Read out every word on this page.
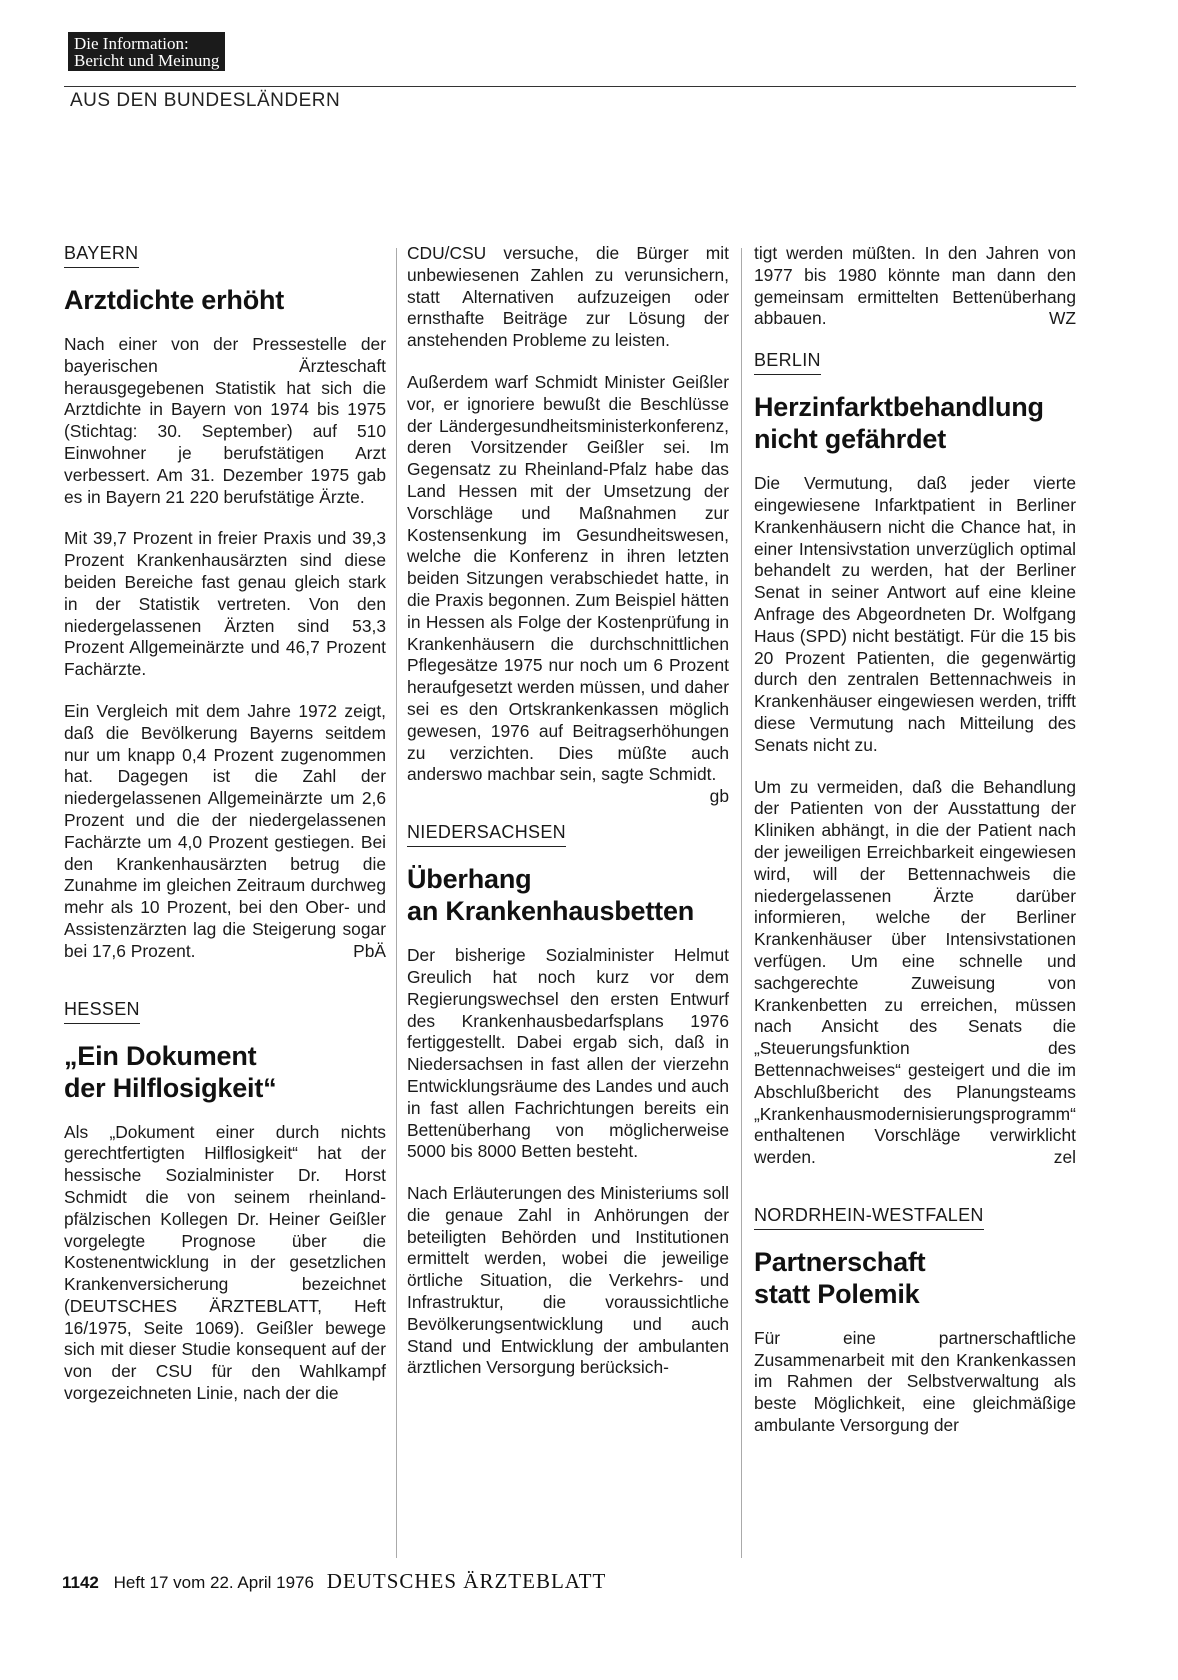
Die Information:
Bericht und Meinung
AUS DEN BUNDESLÄNDERN
BAYERN
Arztdichte erhöht

Nach einer von der Pressestelle der bayerischen Ärzteschaft herausgegebenen Statistik hat sich die Arztdichte in Bayern von 1974 bis 1975 (Stichtag: 30. September) auf 510 Einwohner je berufstätigen Arzt verbessert. Am 31. Dezember 1975 gab es in Bayern 21 220 berufstätige Ärzte.

Mit 39,7 Prozent in freier Praxis und 39,3 Prozent Krankenhausärzten sind diese beiden Bereiche fast genau gleich stark in der Statistik vertreten. Von den niedergelassenen Ärzten sind 53,3 Prozent Allgemeinärzte und 46,7 Prozent Fachärzte.

Ein Vergleich mit dem Jahre 1972 zeigt, daß die Bevölkerung Bayerns seitdem nur um knapp 0,4 Prozent zugenommen hat. Dagegen ist die Zahl der niedergelassenen Allgemeinärzte um 2,6 Prozent und die der niedergelassenen Fachärzte um 4,0 Prozent gestiegen. Bei den Krankenhausärzten betrug die Zunahme im gleichen Zeitraum durchweg mehr als 10 Prozent, bei den Ober- und Assistenzärzten lag die Steigerung sogar bei 17,6 Prozent.	PbÄ

HESSEN
„Ein Dokument
der Hilflosigkeit“

Als „Dokument einer durch nichts gerechtfertigten Hilflosigkeit“ hat der hessische Sozialminister Dr. Horst Schmidt die von seinem rheinland-pfälzischen Kollegen Dr. Heiner Geißler vorgelegte Prognose über die Kostenentwicklung in der gesetzlichen Krankenversicherung bezeichnet (DEUTSCHES ÄRZTEBLATT, Heft 16/1975, Seite 1069). Geißler bewege sich mit dieser Studie konsequent auf der von der CSU für den Wahlkampf vorgezeichneten Linie, nach der die

CDU/CSU versuche, die Bürger mit unbewiesenen Zahlen zu verunsichern, statt Alternativen aufzuzeigen oder ernsthafte Beiträge zur Lösung der anstehenden Probleme zu leisten.

Außerdem warf Schmidt Minister Geißler vor, er ignoriere bewußt die Beschlüsse der Ländergesundheitsministerkonferenz, deren Vorsitzender Geißler sei. Im Gegensatz zu Rheinland-Pfalz habe das Land Hessen mit der Umsetzung der Vorschläge und Maßnahmen zur Kostensenkung im Gesundheitswesen, welche die Konferenz in ihren letzten beiden Sitzungen verabschiedet hatte, in die Praxis begonnen. Zum Beispiel hätten in Hessen als Folge der Kostenprüfung in Krankenhäusern die durchschnittlichen Pflegesätze 1975 nur noch um 6 Prozent heraufgesetzt werden müssen, und daher sei es den Ortskrankenkassen möglich gewesen, 1976 auf Beitragserhöhungen zu verzichten. Dies müßte auch anderswo machbar sein, sagte Schmidt.
gb

NIEDERSACHSEN
Überhang
an Krankenhausbetten

Der bisherige Sozialminister Helmut Greulich hat noch kurz vor dem Regierungswechsel den ersten Entwurf des Krankenhausbedarfsplans 1976 fertiggestellt. Dabei ergab sich, daß in Niedersachsen in fast allen der vierzehn Entwicklungsräume des Landes und auch in fast allen Fachrichtungen bereits ein Bettenüberhang von möglicherweise 5000 bis 8000 Betten besteht.

Nach Erläuterungen des Ministeriums soll die genaue Zahl in Anhörungen der beteiligten Behörden und Institutionen ermittelt werden, wobei die jeweilige örtliche Situation, die Verkehrs- und Infrastruktur, die voraussichtliche Bevölkerungsentwicklung und auch Stand und Entwicklung der ambulanten ärztlichen Versorgung berücksich-

tigt werden müßten. In den Jahren von 1977 bis 1980 könnte man dann den gemeinsam ermittelten Bettenüberhang abbauen.	WZ

BERLIN
Herzinfarktbehandlung
nicht gefährdet

Die Vermutung, daß jeder vierte eingewiesene Infarktpatient in Berliner Krankenhäusern nicht die Chance hat, in einer Intensivstation unverzüglich optimal behandelt zu werden, hat der Berliner Senat in seiner Antwort auf eine kleine Anfrage des Abgeordneten Dr. Wolfgang Haus (SPD) nicht bestätigt. Für die 15 bis 20 Prozent Patienten, die gegenwärtig durch den zentralen Bettennachweis in Krankenhäuser eingewiesen werden, trifft diese Vermutung nach Mitteilung des Senats nicht zu.

Um zu vermeiden, daß die Behandlung der Patienten von der Ausstattung der Kliniken abhängt, in die der Patient nach der jeweiligen Erreichbarkeit eingewiesen wird, will der Bettennachweis die niedergelassenen Ärzte darüber informieren, welche der Berliner Krankenhäuser über Intensivstationen verfügen. Um eine schnelle und sachgerechte Zuweisung von Krankenbetten zu erreichen, müssen nach Ansicht des Senats die „Steuerungsfunktion des Bettennachweises“ gesteigert und die im Abschlußbericht des Planungsteams „Krankenhausmodernisierungsprogramm“ enthaltenen Vorschläge verwirklicht werden.	zel

NORDRHEIN-WESTFALEN
Partnerschaft
statt Polemik

Für eine partnerschaftliche Zusammenarbeit mit den Krankenkassen im Rahmen der Selbstverwaltung als beste Möglichkeit, eine gleichmäßige ambulante Versorgung der

1142 Heft 17 vom 22. April 1976 DEUTSCHES ÄRZTEBLATT
